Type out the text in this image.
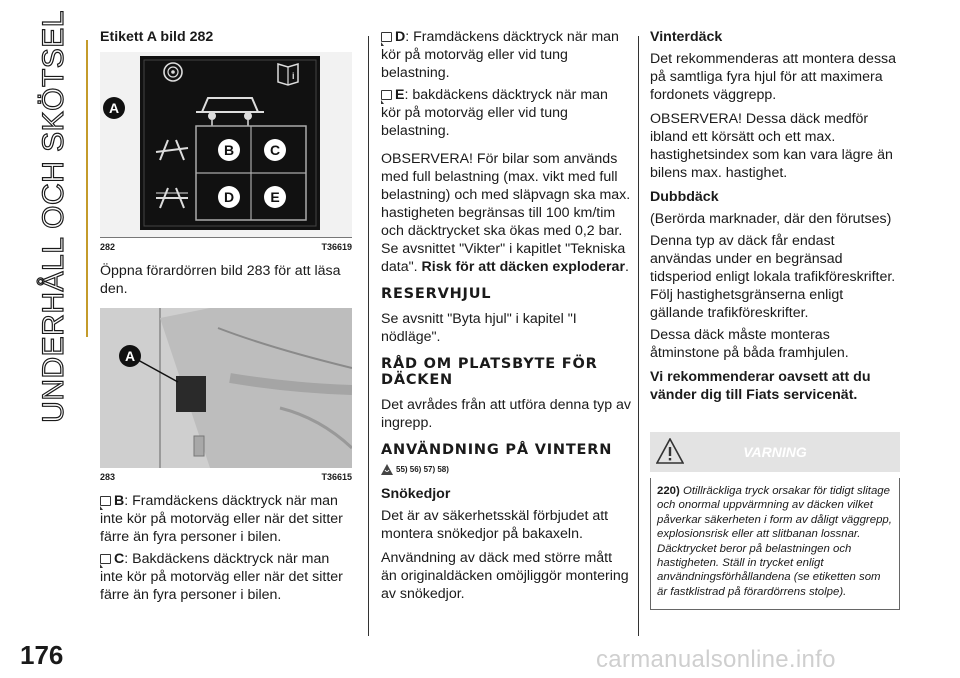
UNDERHÅLL OCH SKÖTSEL
176	carmanualsonline.info
Etikett A bild 282
i
B	C
D	E
A
282	T36619

Öppna förardörren bild 283 för att läsa den.

A
283	T36615

B: Framdäckens däcktryck när man inte kör på motorväg eller när det sitter färre än fyra personer i bilen.

C: Bakdäckens däcktryck när man inte kör på motorväg eller när det sitter färre än fyra personer i bilen.

D: Framdäckens däcktryck när man kör på motorväg eller vid tung belastning.

E: bakdäckens däcktryck när man kör på motorväg eller vid tung belastning.

OBSERVERA! För bilar som används med full belastning (max. vikt med full belastning) och med släpvagn ska max. hastigheten begränsas till 100 km/tim och däcktrycket ska ökas med 0,2 bar. Se avsnittet "Vikter" i kapitlet "Tekniska data". Risk för att däcken exploderar.

RESERVHJUL

Se avsnitt "Byta hjul" i kapitel "I nödläge".

RÅD OM PLATSBYTE FÖR DÄCKEN

Det avrådes från att utföra denna typ av ingrepp.

ANVÄNDNING PÅ VINTERN
55) 56) 57) 58)
Snökedjor

Det är av säkerhetsskäl förbjudet att montera snökedjor på bakaxeln.

Användning av däck med större mått än originaldäcken omöjliggör montering av snökedjor.

Vinterdäck

Det rekommenderas att montera dessa på samtliga fyra hjul för att maximera fordonets väggrepp.

OBSERVERA! Dessa däck medför ibland ett körsätt och ett max. hastighetsindex som kan vara lägre än bilens max. hastighet.

Dubbdäck

(Berörda marknader, där den förutses)

Denna typ av däck får endast användas under en begränsad tidsperiod enligt lokala trafikföreskrifter. Följ hastighetsgränserna enligt gällande trafikföreskrifter.

Dessa däck måste monteras åtminstone på båda framhjulen.

Vi rekommenderar oavsett att du vänder dig till Fiats servicenät.

VARNING
220) Otillräckliga tryck orsakar för tidigt slitage och onormal uppvärmning av däcken vilket påverkar säkerheten i form av dåligt väggrepp, explosionsrisk eller att slitbanan lossnar. Däcktrycket beror på belastningen och hastigheten. Ställ in trycket enligt användningsförhållandena (se etiketten som är fastklistrad på förardörrens stolpe).
